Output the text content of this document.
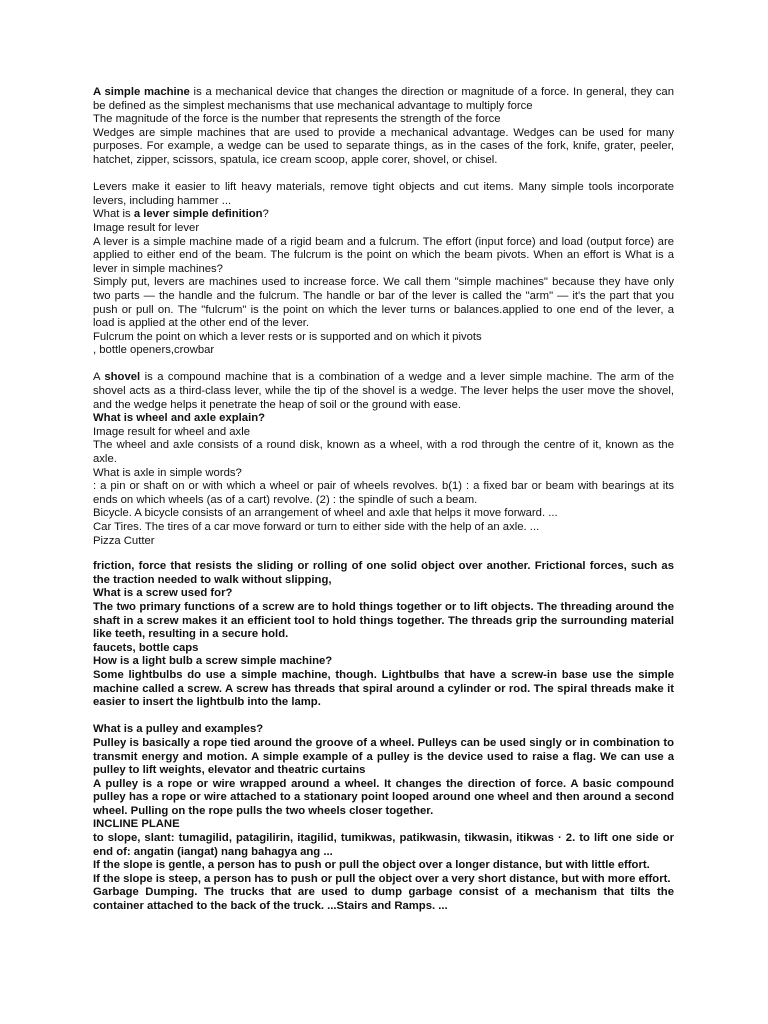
A simple machine is a mechanical device that changes the direction or magnitude of a force. In general, they can be defined as the simplest mechanisms that use mechanical advantage to multiply force

The magnitude of the force is the number that represents the strength of the force

Wedges are simple machines that are used to provide a mechanical advantage. Wedges can be used for many purposes. For example, a wedge can be used to separate things, as in the cases of the fork, knife, grater, peeler, hatchet, zipper, scissors, spatula, ice cream scoop, apple corer, shovel, or chisel.

Levers make it easier to lift heavy materials, remove tight objects and cut items. Many simple tools incorporate levers, including hammer ...

What is a lever simple definition?

Image result for lever

A lever is a simple machine made of a rigid beam and a fulcrum. The effort (input force) and load (output force) are applied to either end of the beam. The fulcrum is the point on which the beam pivots. When an effort is What is a lever in simple machines?

Simply put, levers are machines used to increase force. We call them "simple machines" because they have only two parts — the handle and the fulcrum. The handle or bar of the lever is called the "arm" — it's the part that you push or pull on. The "fulcrum" is the point on which the lever turns or balances.applied to one end of the lever, a load is applied at the other end of the lever.

Fulcrum the point on which a lever rests or is supported and on which it pivots

, bottle openers,crowbar

A shovel is a compound machine that is a combination of a wedge and a lever simple machine. The arm of the shovel acts as a third-class lever, while the tip of the shovel is a wedge. The lever helps the user move the shovel, and the wedge helps it penetrate the heap of soil or the ground with ease.

What is wheel and axle explain?

Image result for wheel and axle

The wheel and axle consists of a round disk, known as a wheel, with a rod through the centre of it, known as the axle.

What is axle in simple words?

: a pin or shaft on or with which a wheel or pair of wheels revolves. b(1) : a fixed bar or beam with bearings at its ends on which wheels (as of a cart) revolve. (2) : the spindle of such a beam.

Bicycle. A bicycle consists of an arrangement of wheel and axle that helps it move forward. ...

Car Tires. The tires of a car move forward or turn to either side with the help of an axle. ...

Pizza Cutter

friction, force that resists the sliding or rolling of one solid object over another. Frictional forces, such as the traction needed to walk without slipping,

What is a screw used for?

The two primary functions of a screw are to hold things together or to lift objects. The threading around the shaft in a screw makes it an efficient tool to hold things together. The threads grip the surrounding material like teeth, resulting in a secure hold.

faucets, bottle caps

How is a light bulb a screw simple machine?

Some lightbulbs do use a simple machine, though. Lightbulbs that have a screw-in base use the simple machine called a screw. A screw has threads that spiral around a cylinder or rod. The spiral threads make it easier to insert the lightbulb into the lamp.

What is a pulley and examples?

Pulley is basically a rope tied around the groove of a wheel. Pulleys can be used singly or in combination to transmit energy and motion. A simple example of a pulley is the device used to raise a flag. We can use a pulley to lift weights, elevator and theatric curtains

A pulley is a rope or wire wrapped around a wheel. It changes the direction of force. A basic compound pulley has a rope or wire attached to a stationary point looped around one wheel and then around a second wheel. Pulling on the rope pulls the two wheels closer together.

INCLINE PLANE

to slope, slant: tumagilid, patagilirin, itagilid, tumikwas, patikwasin, tikwasin, itikwas · 2. to lift one side or end of: angatin (iangat) nang bahagya ang ...

If the slope is gentle, a person has to push or pull the object over a longer distance, but with little effort.

If the slope is steep, a person has to push or pull the object over a very short distance, but with more effort.

Garbage Dumping. The trucks that are used to dump garbage consist of a mechanism that tilts the container attached to the back of the truck. ...Stairs and Ramps. ...
